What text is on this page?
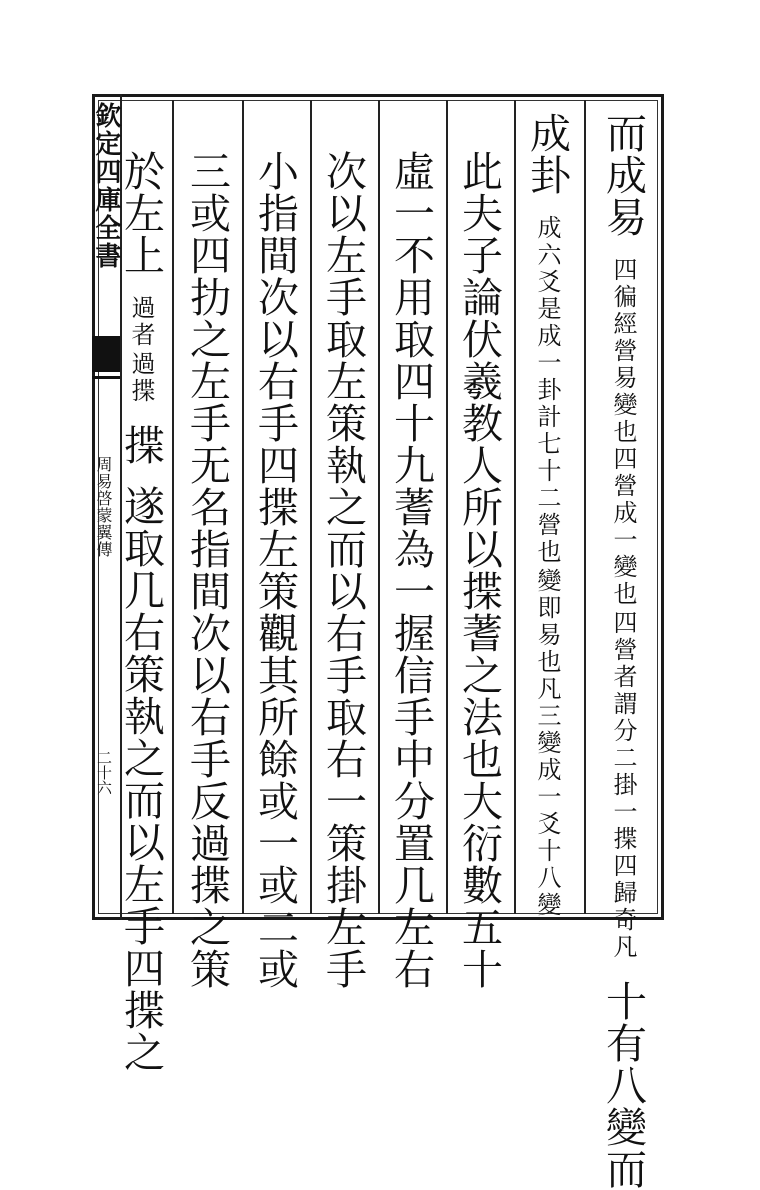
欽定四庫全書
周易啓蒙翼傳
二十六
而成易
四營者謂分二掛一揲四歸奇凡
四徧經營易變也四營成一變也
十有八變而
成卦
變即易也凡三變成一爻十八變
成六爻是成一卦計七十二營也
此夫子論伏羲教人所以揲蓍之法也大衍數五十
虛一不用取四十九蓍為一握信手中分置几左右
次以左手取左策執之而以右手取右一策掛左手
小指間次以右手四揲左策觀其所餘或一或二或
三或四扐之左手无名指間次以右手反過揲之策
於左上
過揲
過者
揲 遂取几右策執之而以左手四揲之
